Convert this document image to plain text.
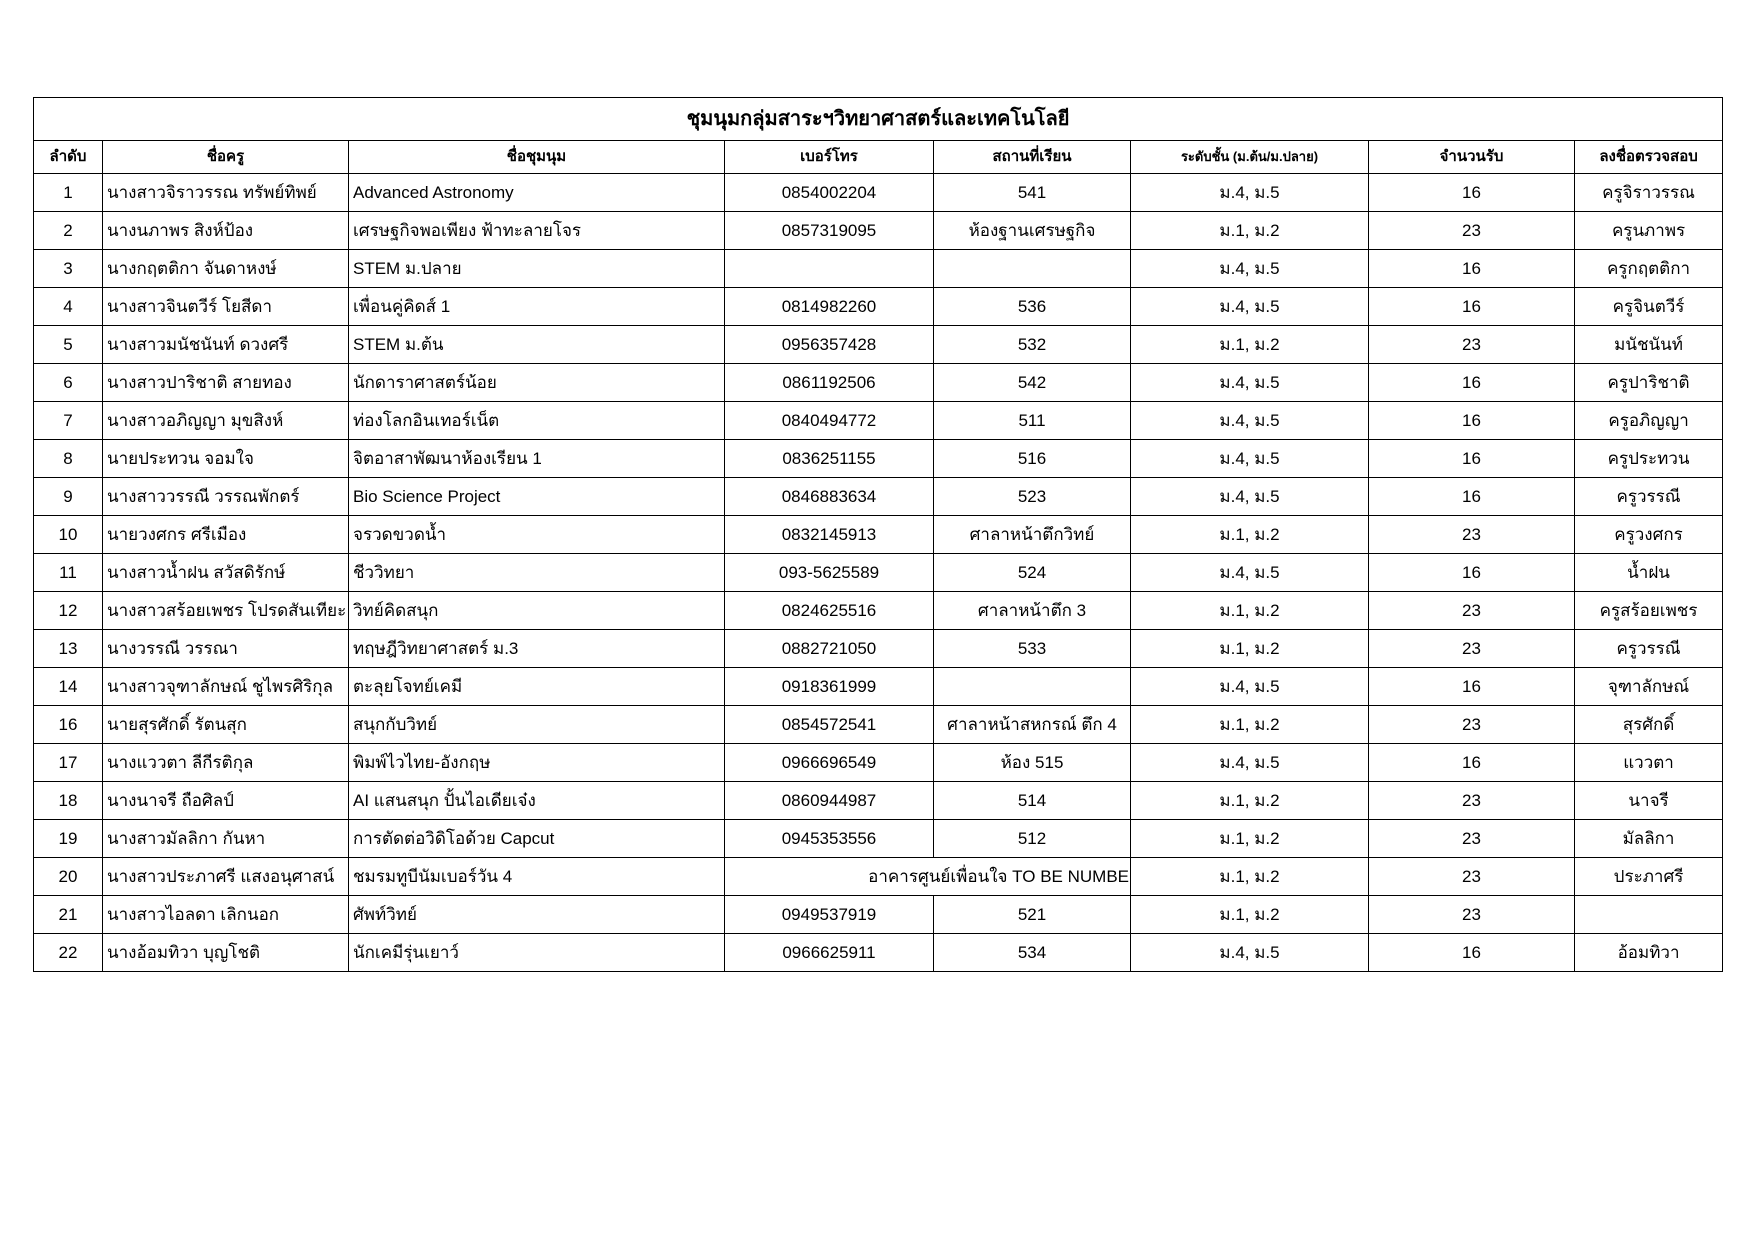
ชุมนุมกลุ่มสาระฯวิทยาศาสตร์และเทคโนโลยี							
ลำดับ	ชื่อครู	ชื่อชุมนุม	เบอร์โทร	สถานที่เรียน	ระดับชั้น (ม.ต้น/ม.ปลาย)	จำนวนรับ	ลงชื่อตรวจสอบ
1	นางสาวจิราวรรณ ทรัพย์ทิพย์	Advanced Astronomy	0854002204	541	ม.4, ม.5	16	ครูจิราวรรณ
2	นางนภาพร สิงห์ป้อง	เศรษฐกิจพอเพียง ฟ้าทะลายโจร	0857319095	ห้องฐานเศรษฐกิจ	ม.1, ม.2	23	ครูนภาพร
3	นางกฤตติกา จันดาหงษ์	STEM ม.ปลาย			ม.4, ม.5	16	ครูกฤตติกา
4	นางสาวจินตวีร์ โยสีดา	เพื่อนคู่คิดส์ 1	0814982260	536	ม.4, ม.5	16	ครูจินตวีร์
5	นางสาวมนัชนันท์ ดวงศรี	STEM ม.ต้น	0956357428	532	ม.1, ม.2	23	มนัชนันท์
6	นางสาวปาริชาติ สายทอง	นักดาราศาสตร์น้อย	0861192506	542	ม.4, ม.5	16	ครูปาริชาติ
7	นางสาวอภิญญา มุขสิงห์	ท่องโลกอินเทอร์เน็ต	0840494772	511	ม.4, ม.5	16	ครูอภิญญา
8	นายประทวน จอมใจ	จิตอาสาพัฒนาห้องเรียน 1	0836251155	516	ม.4, ม.5	16	ครูประทวน
9	นางสาววรรณี วรรณพักตร์	Bio Science Project	0846883634	523	ม.4, ม.5	16	ครูวรรณี
10	นายวงศกร ศรีเมือง	จรวดขวดน้ำ	0832145913	ศาลาหน้าตึกวิทย์	ม.1, ม.2	23	ครูวงศกร
11	นางสาวน้ำฝน สวัสดิรักษ์	ชีววิทยา	093-5625589	524	ม.4, ม.5	16	น้ำฝน
12	นางสาวสร้อยเพชร โปรดสันเทียะ	วิทย์คิดสนุก	0824625516	ศาลาหน้าตึก 3	ม.1, ม.2	23	ครูสร้อยเพชร
13	นางวรรณี วรรณา	ทฤษฎีวิทยาศาสตร์ ม.3	0882721050	533	ม.1, ม.2	23	ครูวรรณี
14	นางสาวจุฑาลักษณ์ ชูไพรศิริกุล	ตะลุยโจทย์เคมี	0918361999		ม.4, ม.5	16	จุฑาลักษณ์
16	นายสุรศักดิ์ รัตนสุก	สนุกกับวิทย์	0854572541	ศาลาหน้าสหกรณ์ ตึก 4	ม.1, ม.2	23	สุรศักดิ์
17	นางแววตา ลีกีรติกุล	พิมพ์ไวไทย-อังกฤษ	0966696549	ห้อง 515	ม.4, ม.5	16	แววตา
18	นางนาจรี ถือศิลป์	AI แสนสนุก ปั้นไอเดียเจ๋ง	0860944987	514	ม.1, ม.2	23	นาจรี
19	นางสาวมัลลิกา กันหา	การตัดต่อวิดิโอด้วย Capcut	0945353556	512	ม.1, ม.2	23	มัลลิกา
20	นางสาวประภาศรี แสงอนุศาสน์	ชมรมทูบีนัมเบอร์วัน 4	อาคารศูนย์เพื่อนใจ TO BE NUMBE		ม.1, ม.2	23	ประภาศรี
21	นางสาวไอลดา เลิกนอก	ศัพท์วิทย์	0949537919	521	ม.1, ม.2	23	
22	นางอ้อมทิวา บุญโชติ	นักเคมีรุ่นเยาว์	0966625911	534	ม.4, ม.5	16	อ้อมทิวา
